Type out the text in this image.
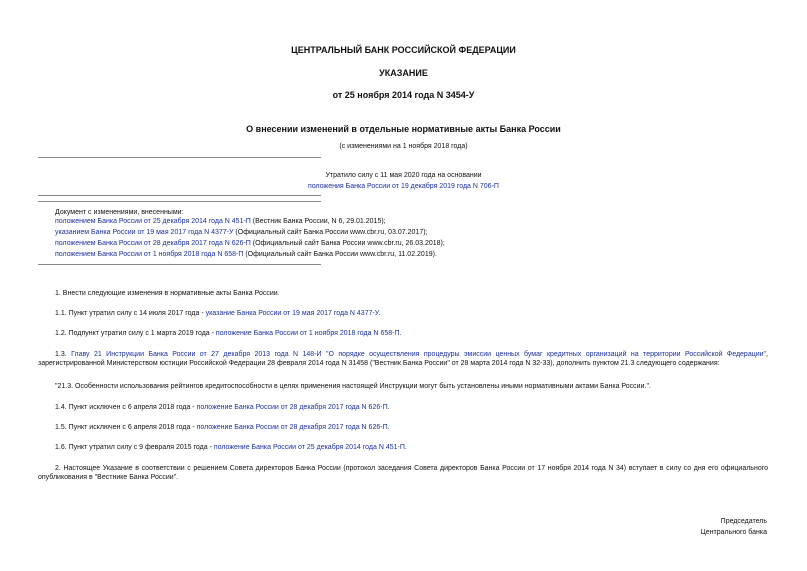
ЦЕНТРАЛЬНЫЙ БАНК РОССИЙСКОЙ ФЕДЕРАЦИИ
УКАЗАНИЕ
от 25 ноября 2014 года N 3454-У
О внесении изменений в отдельные нормативные акты Банка России
(с изменениями на 1 ноября 2018 года)
Утратило силу с 11 мая 2020 года на основании
положения Банка России от 19 декабря 2019 года N 706-П
Документ с изменениями, внесенными:
положением Банка России от 25 декабря 2014 года N 451-П (Вестник Банка России, N 6, 29.01.2015);
указанием Банка России от 19 мая 2017 года N 4377-У (Официальный сайт Банка России www.cbr.ru, 03.07.2017);
положением Банка России от 28 декабря 2017 года N 626-П (Официальный сайт Банка России www.cbr.ru, 26.03.2018);
положением Банка России от 1 ноября 2018 года N 658-П (Официальный сайт Банка России www.cbr.ru, 11.02.2019).
1. Внести следующие изменения в нормативные акты Банка России.
1.1. Пункт утратил силу с 14 июля 2017 года - указание Банка России от 19 мая 2017 года N 4377-У.
1.2. Подпункт утратил силу с 1 марта 2019 года - положение Банка России от 1 ноября 2018 года N 658-П.
1.3. Главу 21 Инструкции Банка России от 27 декабря 2013 года N 148-И "О порядке осуществления процедуры эмиссии ценных бумаг кредитных организаций на территории Российской Федерации", зарегистрированной Министерством юстиции Российской Федерации 28 февраля 2014 года N 31458 ("Вестник Банка России" от 28 марта 2014 года N 32-33), дополнить пунктом 21.3 следующего содержания:
"21.3. Особенности использования рейтингов кредитоспособности в целях применения настоящей Инструкции могут быть установлены иными нормативными актами Банка России.".
1.4. Пункт исключен с 6 апреля 2018 года - положение Банка России от 28 декабря 2017 года N 626-П.
1.5. Пункт исключен с 6 апреля 2018 года - положение Банка России от 28 декабря 2017 года N 626-П.
1.6. Пункт утратил силу с 9 февраля 2015 года - положение Банка России от 25 декабря 2014 года N 451-П.
2. Настоящее Указание в соответствии с решением Совета директоров Банка России (протокол заседания Совета директоров Банка России от 17 ноября 2014 года N 34) вступает в силу со дня его официального опубликования в "Вестнике Банка России".
Председатель
Центрального банка
